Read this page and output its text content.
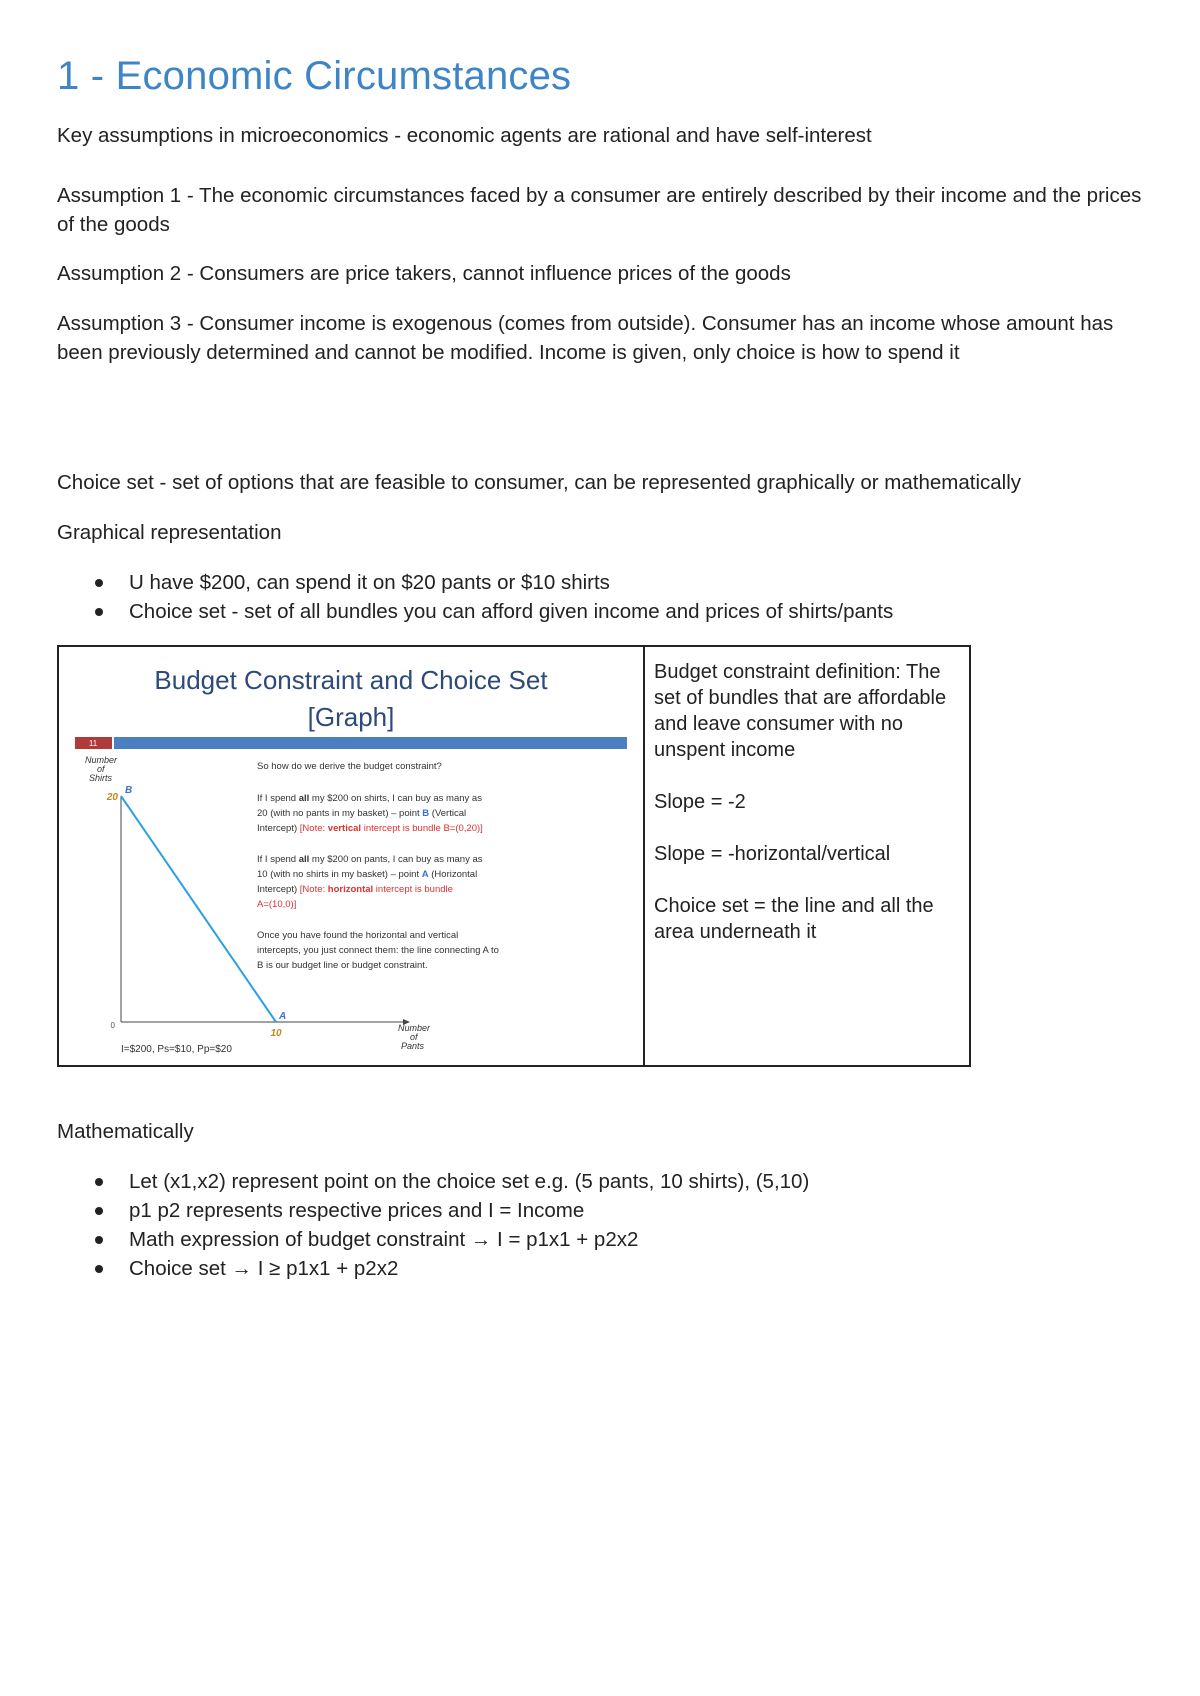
1 - Economic Circumstances

Key assumptions in microeconomics - economic agents are rational and have self-interest

Assumption 1 - The economic circumstances faced by a consumer are entirely described by their income and the prices of the goods

Assumption 2 - Consumers are price takers, cannot influence prices of the goods

Assumption 3 - Consumer income is exogenous (comes from outside). Consumer has an income whose amount has been previously determined and cannot be modified. Income is given, only choice is how to spend it

Choice set - set of options that are feasible to consumer, can be represented graphically or mathematically

Graphical representation

U have $200, can spend it on $20 pants or $10 shirts
Choice set - set of all bundles you can afford given income and prices of shirts/pants
Budget Constraint and Choice Set
[Graph]
11
Number
of
Shirts
Number
of
Pants
0
20
B
10
A
I=$200, Ps=$10, Pp=$20
So how do we derive the budget constraint?
If I spend all my $200 on shirts, I can buy as many as
20 (with no pants in my basket) – point B (Vertical
Intercept) [Note: vertical intercept is bundle B=(0,20)]
If I spend all my $200 on pants, I can buy as many as
10 (with no shirts in my basket) – point A (Horizontal
Intercept) [Note: horizontal intercept is bundle
A=(10,0)]
Once you have found the horizontal and vertical
intercepts, you just connect them: the line connecting A to
B is our budget line or budget constraint.

Budget constraint definition: The set of bundles that are affordable and leave consumer with no unspent income

Slope = -2

Slope = -horizontal/vertical

Choice set = the line and all the area underneath it

Mathematically

Let (x1,x2) represent point on the choice set e.g. (5 pants, 10 shirts), (5,10)
p1 p2 represents respective prices and I = Income
Math expression of budget constraint → I = p1x1 + p2x2
Choice set → I ≥ p1x1 + p2x2
